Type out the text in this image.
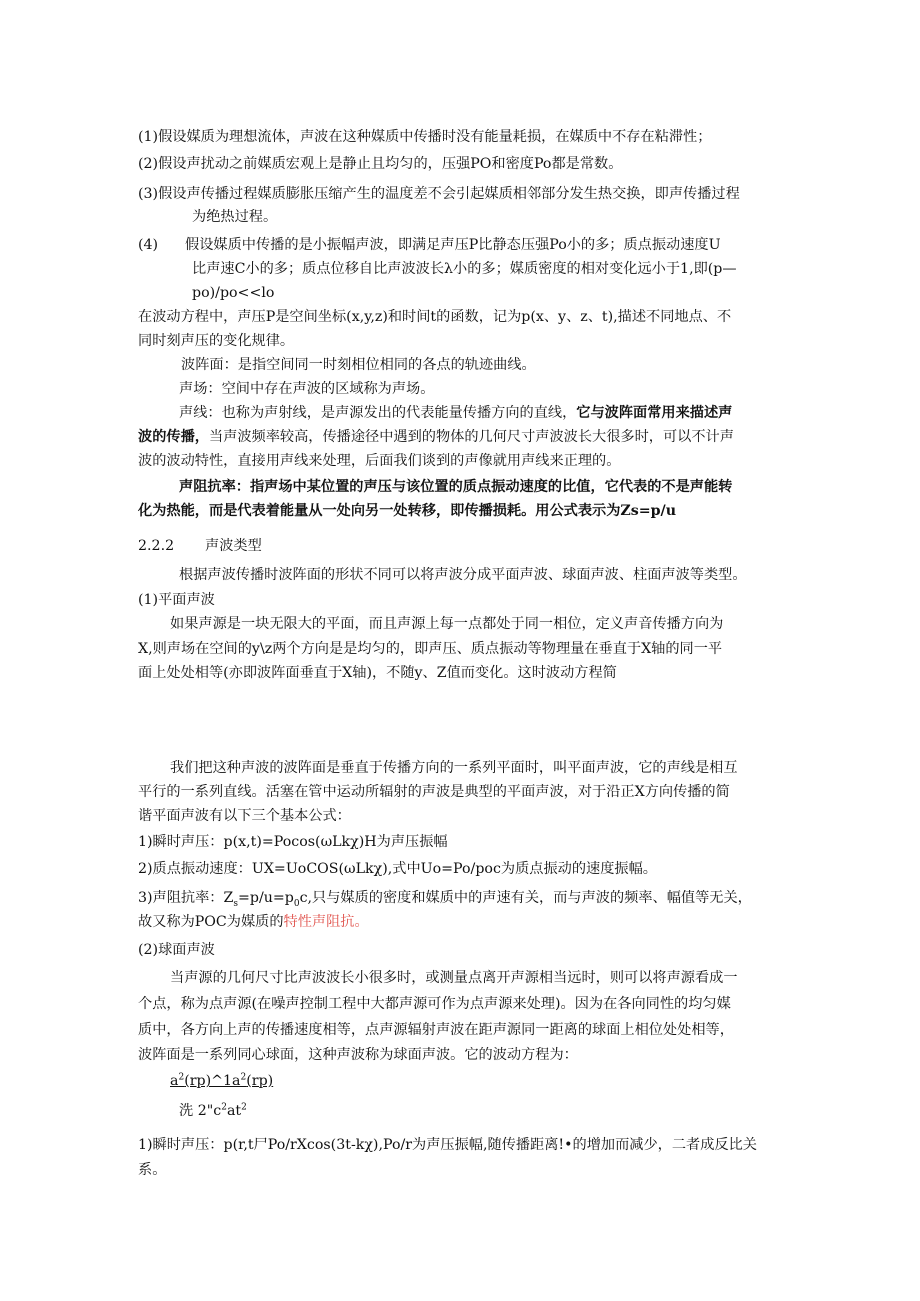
(1)假设媒质为理想流体，声波在这种媒质中传播时没有能量耗损，在媒质中不存在粘滞性；
(2)假设声扰动之前媒质宏观上是静止且均匀的，压强PO和密度Po都是常数。
(3)假设声传播过程媒质膨胀压缩产生的温度差不会引起媒质相邻部分发生热交换，即声传播过程
为绝热过程。
(4) 假设媒质中传播的是小振幅声波，即满足声压P比静态压强Po小的多；质点振动速度U
比声速C小的多；质点位移自比声波波长λ小的多；媒质密度的相对变化远小于1,即(p—
po)/po<<lo
在波动方程中，声压P是空间坐标(x,y,z)和时间t的函数，记为p(x、y、z、t),描述不同地点、不
同时刻声压的变化规律。
波阵面：是指空间同一时刻相位相同的各点的轨迹曲线。
声场：空间中存在声波的区域称为声场。
声线：也称为声射线，是声源发出的代表能量传播方向的直线，它与波阵面常用来描述声
波的传播，当声波频率较高，传播途径中遇到的物体的几何尺寸声波波长大很多时，可以不计声
波的波动特性，直接用声线来处理，后面我们谈到的声像就用声线来正理的。
声阻抗率：指声场中某位置的声压与该位置的质点振动速度的比值，它代表的不是声能转
化为热能，而是代表着能量从一处向另一处转移，即传播损耗。用公式表示为Zs=p/u
2.2.2 声波类型
根据声波传播时波阵面的形状不同可以将声波分成平面声波、球面声波、柱面声波等类型。
(1)平面声波
如果声源是一块无限大的平面，而且声源上每一点都处于同一相位，定义声音传播方向为
X,则声场在空间的y\z两个方向是是均匀的，即声压、质点振动等物理量在垂直于X轴的同一平
面上处处相等(亦即波阵面垂直于X轴)，不随y、Z值而变化。这时波动方程简
我们把这种声波的波阵面是垂直于传播方向的一系列平面时，叫平面声波，它的声线是相互
平行的一系列直线。活塞在管中运动所辐射的声波是典型的平面声波，对于沿正X方向传播的简
谐平面声波有以下三个基本公式：
1)瞬时声压：p(x,t)=Pocos(ωLkχ)H为声压振幅
2)质点振动速度：UX=UoCOS(ωLkχ),式中Uo=Po/poc为质点振动的速度振幅。
3)声阻抗率：$Z_s=p/u=p_0c$,只与媒质的密度和媒质中的声速有关，而与声波的频率、幅值等无关，
故又称为POC为媒质的特性声阻抗。
(2)球面声波
当声源的几何尺寸比声波波长小很多时，或测量点离开声源相当远时，则可以将声源看成一
个点，称为点声源(在噪声控制工程中大都声源可作为点声源来处理)。因为在各向同性的均匀媒
质中，各方向上声的传播速度相等，点声源辐射声波在距声源同一距离的球面上相位处处相等，
波阵面是一系列同心球面，这种声波称为球面声波。它的波动方程为：
$a^2(rp)\^{}1a^2(rp)$
洗 $2"c^2at^2$
1)瞬时声压：p(r,t尸Po/rXcos(3t-kχ),Po/r为声压振幅,随传播距离!•的增加而减少，二者成反比关
系。
